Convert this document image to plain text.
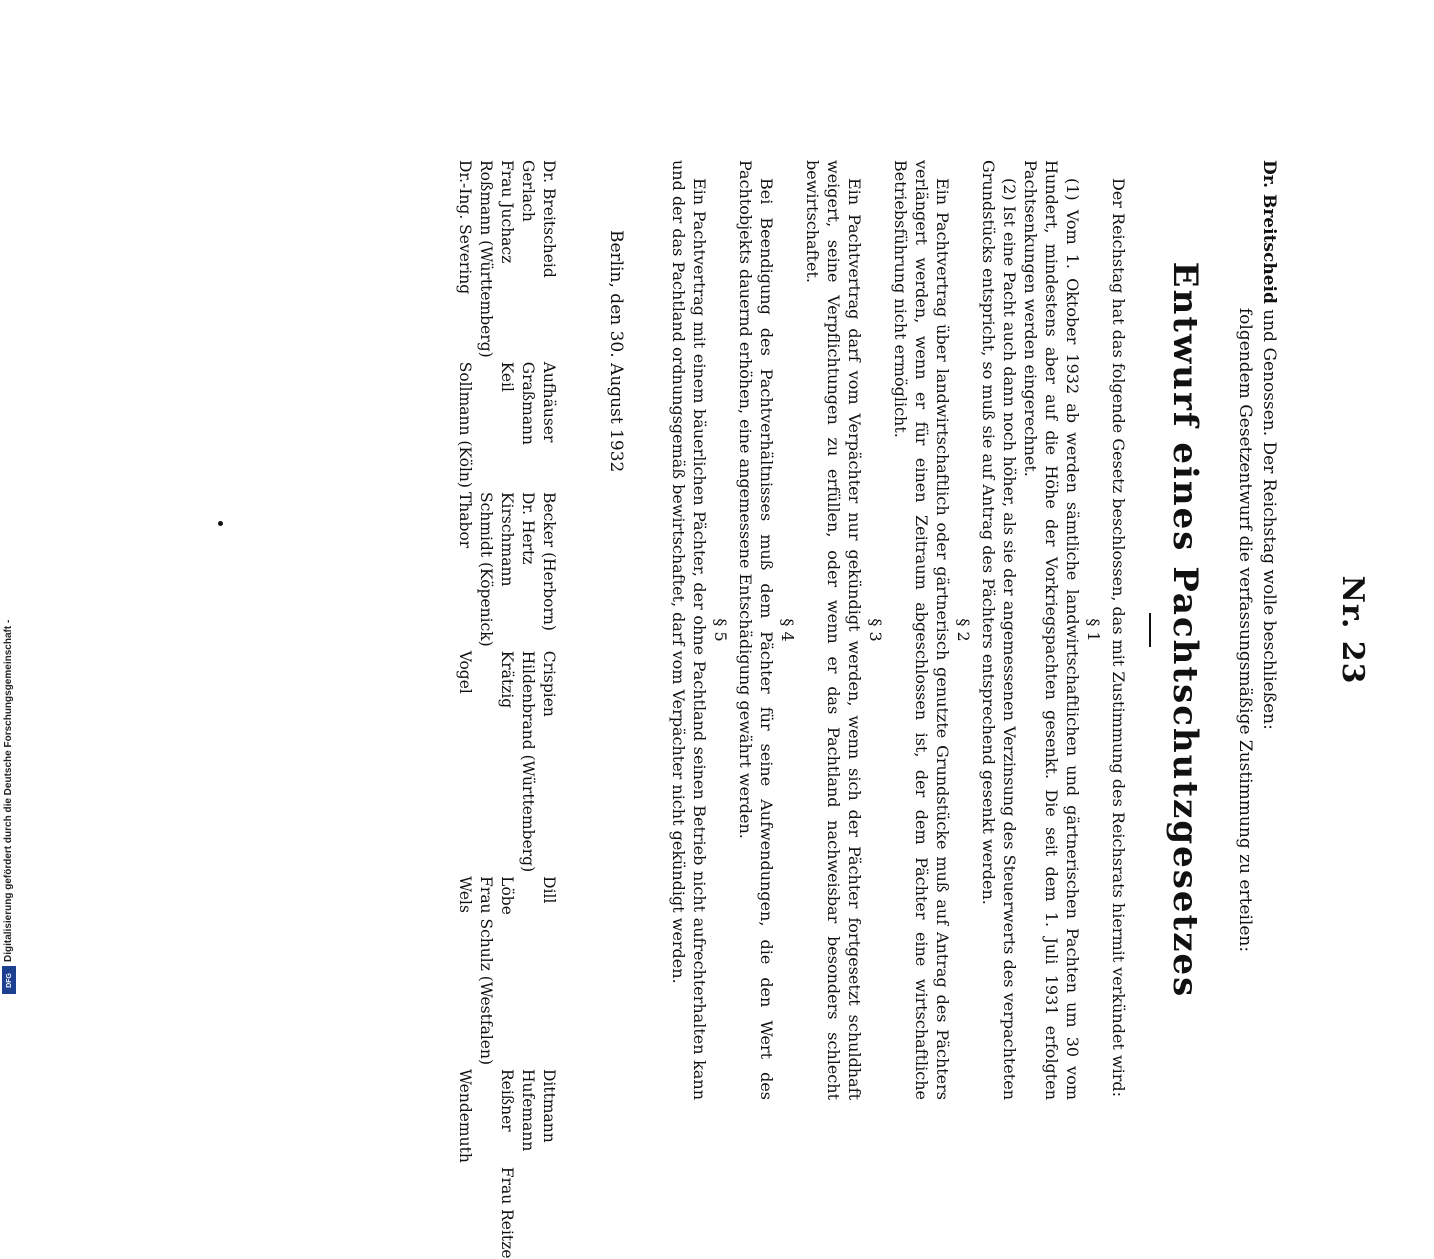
Digitalisierung gefördert durch die Deutsche Forschungsgemeinschaft -
DFG
Nr. 23
Dr. Breitscheid und Genossen. Der Reichstag wolle beschließen:
folgendem Gesetzentwurf die verfassungsmäßige Zustimmung zu erteilen:
Entwurf eines Pachtschutzgesetzes

Der Reichstag hat das folgende Gesetz beschlossen, das mit Zustimmung des Reichsrats hiermit verkündet wird:

§ 1

(1) Vom 1. Oktober 1932 ab werden sämtliche landwirtschaftlichen und gärtnerischen Pachten um 30 vom Hundert, mindestens aber auf die Höhe der Vorkriegspachten gesenkt. Die seit dem 1. Juli 1931 erfolgten Pachtsenkungen werden eingerechnet.

(2) Ist eine Pacht auch dann noch höher, als sie der angemessenen Verzinsung des Steuerwerts des verpachteten Grundstücks entspricht, so muß sie auf Antrag des Pächters entsprechend gesenkt werden.

§ 2

Ein Pachtvertrag über landwirtschaftlich oder gärtnerisch genutzte Grundstücke muß auf Antrag des Pächters verlängert werden, wenn er für einen Zeitraum abgeschlossen ist, der dem Pächter eine wirtschaftliche Betriebsführung nicht ermöglicht.

§ 3

Ein Pachtvertrag darf vom Verpächter nur gekündigt werden, wenn sich der Pächter fortgesetzt schuldhaft weigert, seine Verpflichtungen zu erfüllen, oder wenn er das Pachtland nachweisbar besonders schlecht bewirtschaftet.

§ 4

Bei Beendigung des Pachtverhältnisses muß dem Pächter für seine Aufwendungen, die den Wert des Pachtobjekts dauernd erhöhen, eine angemessene Entschädigung gewährt werden.

§ 5

Ein Pachtvertrag mit einem bäuerlichen Pächter, der ohne Pachtland seinen Betrieb nicht aufrechterhalten kann und der das Pachtland ordnungsgemäß bewirtschaftet, darf vom Verpächter nicht gekündigt werden.

Berlin, den 30. August 1932
Dr. Breitscheid
Aufhäuser
Becker (Herborn)
Crispien
Dill
Dittmann
Gerlach
Graßmann
Dr. Hertz
Hildenbrand (Württemberg)
Hufemann
Frau Juchacz
Keil
Kirschmann
Krätzig
Löbe
Reißner
Frau Reitze
Roßmann (Württemberg)
Schmidt (Köpenick)
Frau Schulz (Westfalen)
Dr.-Ing. Severing
Sollmann (Köln)
Thabor
Vogel
Wels
Wendemuth
